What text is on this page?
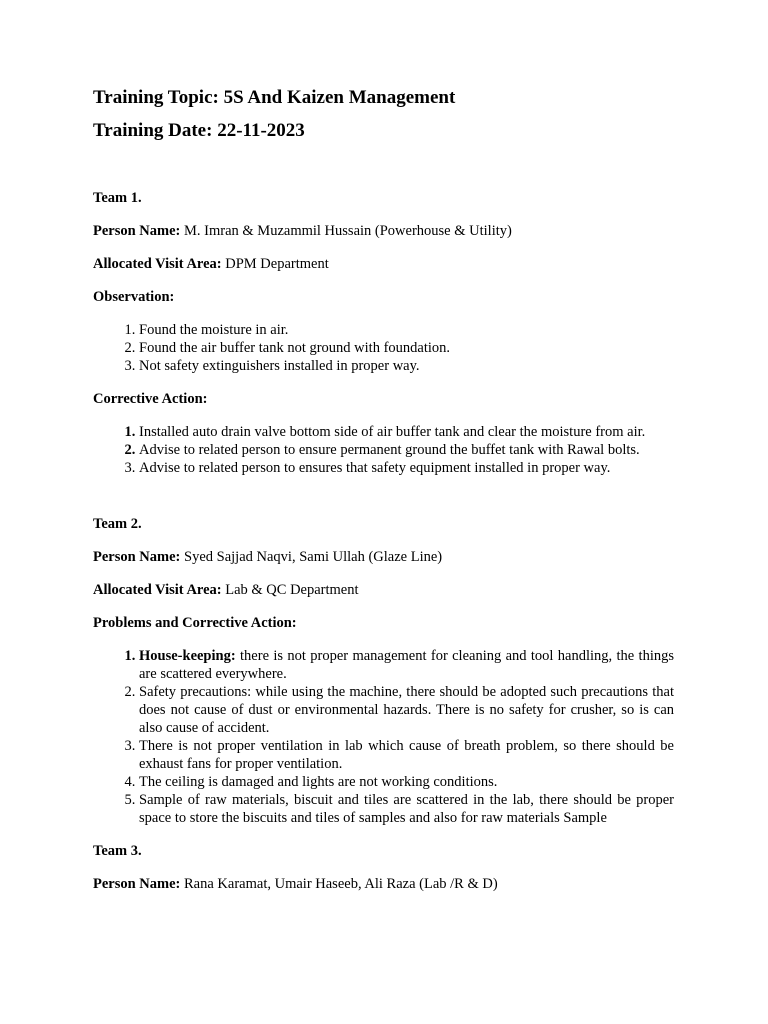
Training Topic: 5S And Kaizen Management

Training Date: 22-11-2023

Team 1.

Person Name: M. Imran & Muzammil Hussain (Powerhouse & Utility)

Allocated Visit Area: DPM Department

Observation:

1. Found the moisture in air.
2. Found the air buffer tank not ground with foundation.
3. Not safety extinguishers installed in proper way.

Corrective Action:

1. Installed auto drain valve bottom side of air buffer tank and clear the moisture from air.
2. Advise to related person to ensure permanent ground the buffet tank with Rawal bolts.
3. Advise to related person to ensures that safety equipment installed in proper way.

Team 2.

Person Name: Syed Sajjad Naqvi, Sami Ullah (Glaze Line)

Allocated Visit Area: Lab & QC Department

Problems and Corrective Action:

1. House-keeping: there is not proper management for cleaning and tool handling, the things are scattered everywhere.
2. Safety precautions: while using the machine, there should be adopted such precautions that does not cause of dust or environmental hazards. There is no safety for crusher, so is can also cause of accident.
3. There is not proper ventilation in lab which cause of breath problem, so there should be exhaust fans for proper ventilation.
4. The ceiling is damaged and lights are not working conditions.
5. Sample of raw materials, biscuit and tiles are scattered in the lab, there should be proper space to store the biscuits and tiles of samples and also for raw materials Sample

Team 3.

Person Name: Rana Karamat, Umair Haseeb, Ali Raza (Lab /R & D)
